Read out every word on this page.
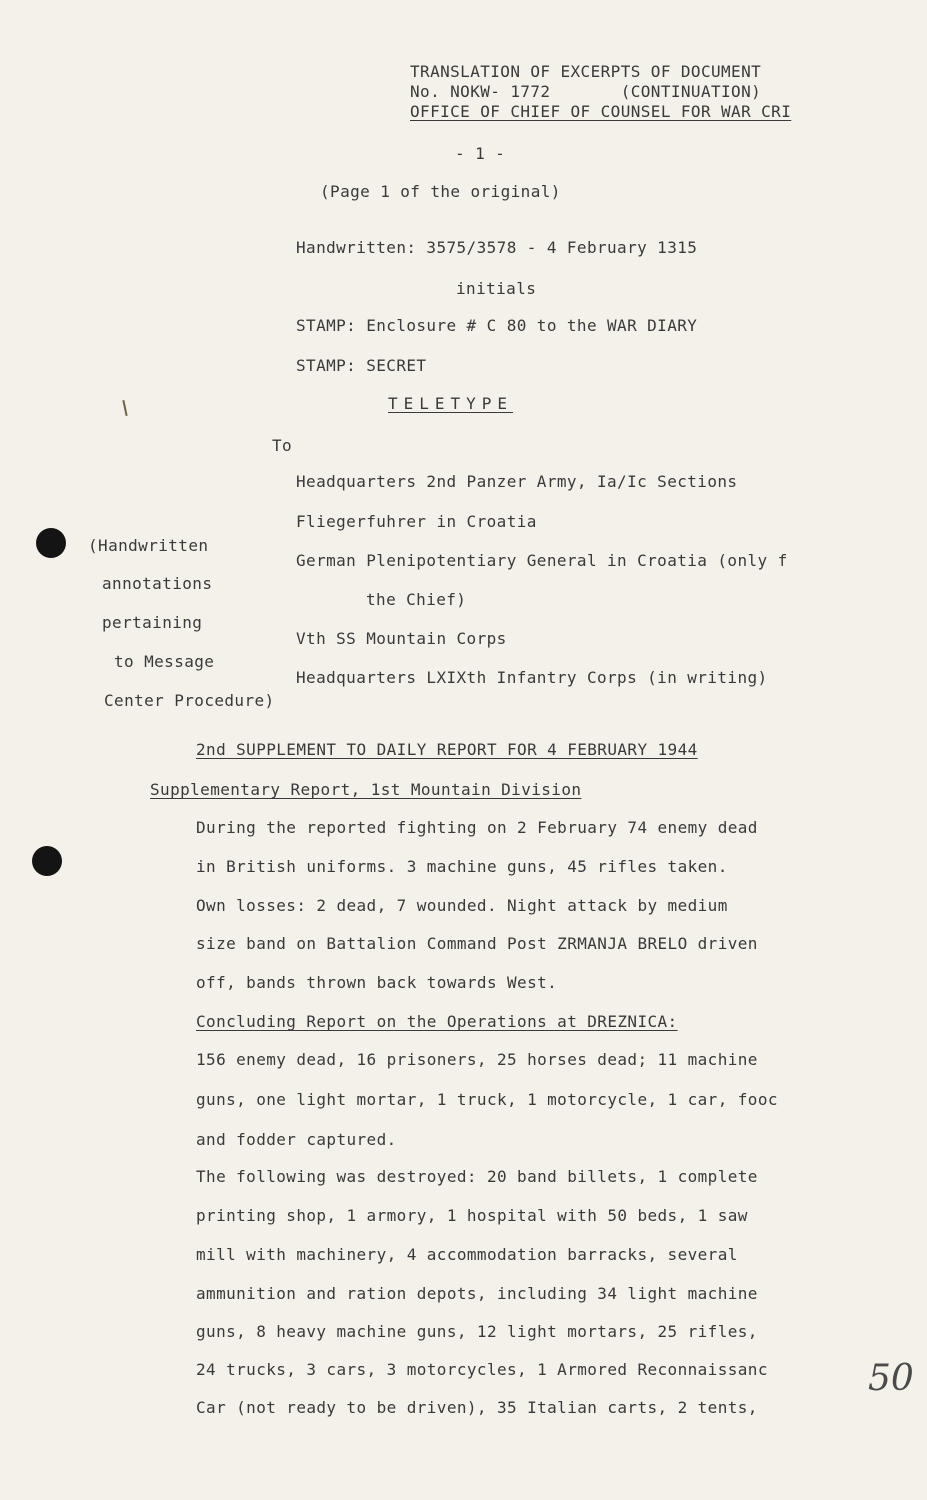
TRANSLATION OF EXCERPTS OF DOCUMENT
No. NOKW- 1772       (CONTINUATION)
OFFICE OF CHIEF OF COUNSEL FOR WAR CRI
- 1 -
(Page 1 of the original)
Handwritten: 3575/3578 - 4 February 1315
initials
STAMP: Enclosure # C 80 to the WAR DIARY
STAMP: SECRET
TELETYPE
To
Headquarters 2nd Panzer Army, Ia/Ic Sections
Fliegerfuhrer in Croatia
German Plenipotentiary General in Croatia (only f
the Chief)
Vth SS Mountain Corps
Headquarters LXIXth Infantry Corps (in writing)
(Handwritten
annotations
pertaining
to Message
Center Procedure)
2nd SUPPLEMENT TO DAILY REPORT FOR 4 FEBRUARY 1944
Supplementary Report, 1st Mountain Division
During the reported fighting on 2 February 74 enemy dead
in British uniforms. 3 machine guns, 45 rifles taken.
Own losses: 2 dead, 7 wounded. Night attack by medium
size band on Battalion Command Post ZRMANJA BRELO driven
off, bands thrown back towards West.
Concluding Report on the Operations at DREZNICA:
156 enemy dead, 16 prisoners, 25 horses dead; 11 machine
guns, one light mortar, 1 truck, 1 motorcycle, 1 car, fooc
and fodder captured.
The following was destroyed: 20 band billets, 1 complete
printing shop, 1 armory, 1 hospital with 50 beds, 1 saw
mill with machinery, 4 accommodation barracks, several
ammunition and ration depots, including 34 light machine
guns, 8 heavy machine guns, 12 light mortars, 25 rifles,
24 trucks, 3 cars, 3 motorcycles, 1 Armored Reconnaissanc
Car (not ready to be driven), 35 Italian carts, 2 tents,
50
